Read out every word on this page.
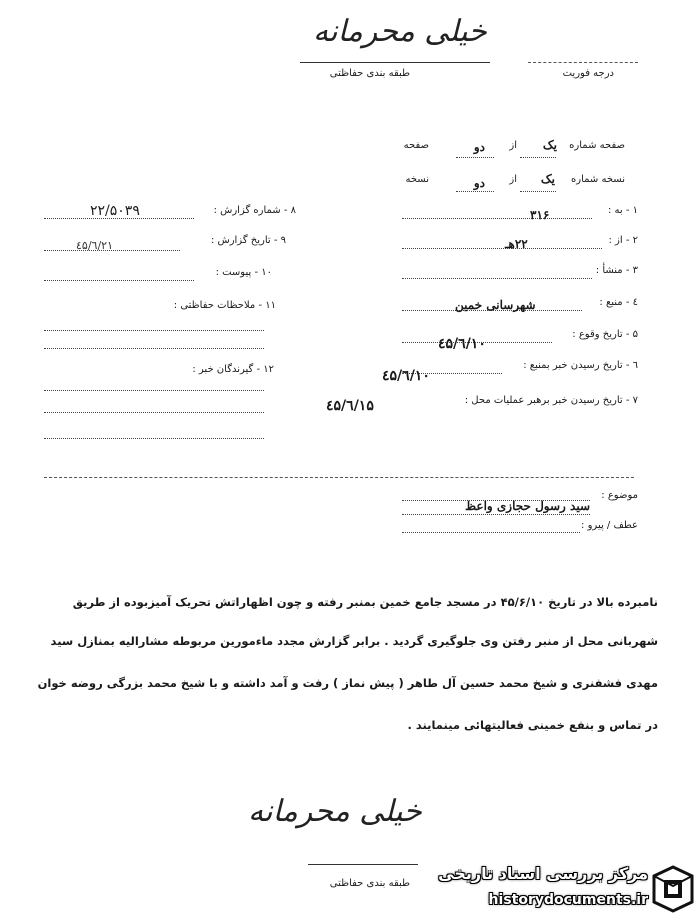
خیلی محرمانه
طبقه بندی حفاظتی	درجه فوریت
صفحه شماره
یک
از
دو
صفحه
نسخه شماره
یک
از
دو
نسخه
۱ - به :
۳۱۶
۲ - از :
۲۲هـ
۳ - منشأ :
٤ - منبع :
شهرسانی خمین
۵ - تاریخ وقوع :
٤۵/٦/١٠
٦ - تاریخ رسیدن خبر بمنبع :
٤۵/٦/١٠
۷ - تاریخ رسیدن خبر برهبر عملیات محل :
٤۵/٦/١۵
۸ - شماره گزارش :
۲۲/۵۰۳۹
۹ - تاریخ گزارش :
٤۵/٦/٢١
۱۰ - پیوست :
۱۱ - ملاحظات حفاظتی :
۱۲ - گیرندگان خبر :
موضوع :
سید رسول حجازی واعظ
عطف / پیرو :
نامبرده بالا در تاریخ ۴۵/۶/۱۰ در مسجد جامع خمین بمنبر رفته و چون اظهاراتش تحریک آمیزبوده از طریق
شهربانی محل از منبر رفتن وی جلوگیری گردید . برابر گزارش مجدد ماءمورین مربوطه مشارالیه بمنازل سید
مهدی فشفنری و شیخ محمد حسین آل طاهر ( پیش نماز ) رفت و آمد داشته و با شیخ محمد بزرگی روضه خوان
در تماس و بنفع خمینی فعالیتهائی مینمایند .
خیلی محرمانه
طبقه بندی حفاظتی
مرکز بررسی اسناد تاریخی
historydocuments.ir
